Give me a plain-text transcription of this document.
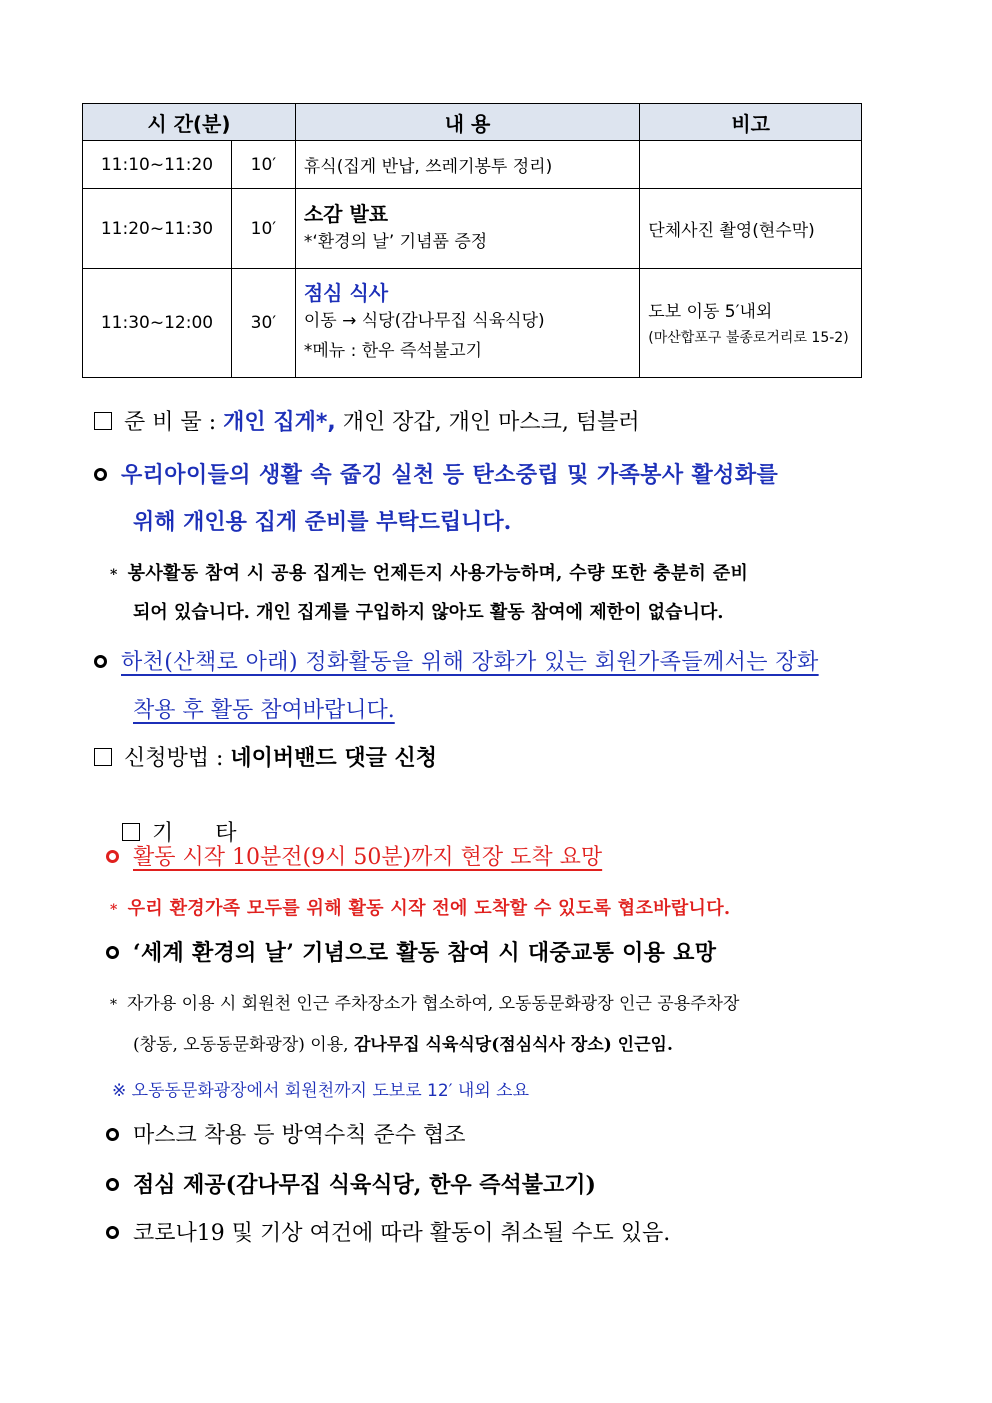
시 간(분)		내 용	비고
11:10~11:20	10′	휴식(집게 반납, 쓰레기봉투 정리)	
11:20~11:30	10′	소감 발표
*‘환경의 날’ 기념품 증정	단체사진 촬영(현수막)
11:30~12:00	30′	점심 식사
이동 → 식당(감나무집 식육식당)
*메뉴 : 한우 즉석불고기	도보 이동 5′내외
(마산합포구 불종로거리로 15-2)
준 비 물 : 개인 집게*, 개인 장갑, 개인 마스크, 텀블러
우리아이들의 생활 속 줍깅 실천 등 탄소중립 및 가족봉사 활성화를
위해 개인용 집게 준비를 부탁드립니다.
* 봉사활동 참여 시 공용 집게는 언제든지 사용가능하며, 수량 또한 충분히 준비
되어 있습니다. 개인 집게를 구입하지 않아도 활동 참여에 제한이 없습니다.
하천(산책로 아래) 정화활동을 위해 장화가 있는 회원가족들께서는 장화
착용 후 활동 참여바랍니다.
신청방법 : 네이버밴드 댓글 신청

기      타

활동 시작 10분전(9시 50분)까지 현장 도착 요망
* 우리 환경가족 모두를 위해 활동 시작 전에 도착할 수 있도록 협조바랍니다.
‘세계 환경의 날’ 기념으로 활동 참여 시 대중교통 이용 요망
* 자가용 이용 시 회원천 인근 주차장소가 협소하여, 오동동문화광장 인근 공용주차장
(창동, 오동동문화광장) 이용, 감나무집 식육식당(점심식사 장소) 인근임.
※ 오동동문화광장에서 회원천까지 도보로 12′ 내외 소요
마스크 착용 등 방역수칙 준수 협조
점심 제공(감나무집 식육식당, 한우 즉석불고기)
코로나19 및 기상 여건에 따라 활동이 취소될 수도 있음.
